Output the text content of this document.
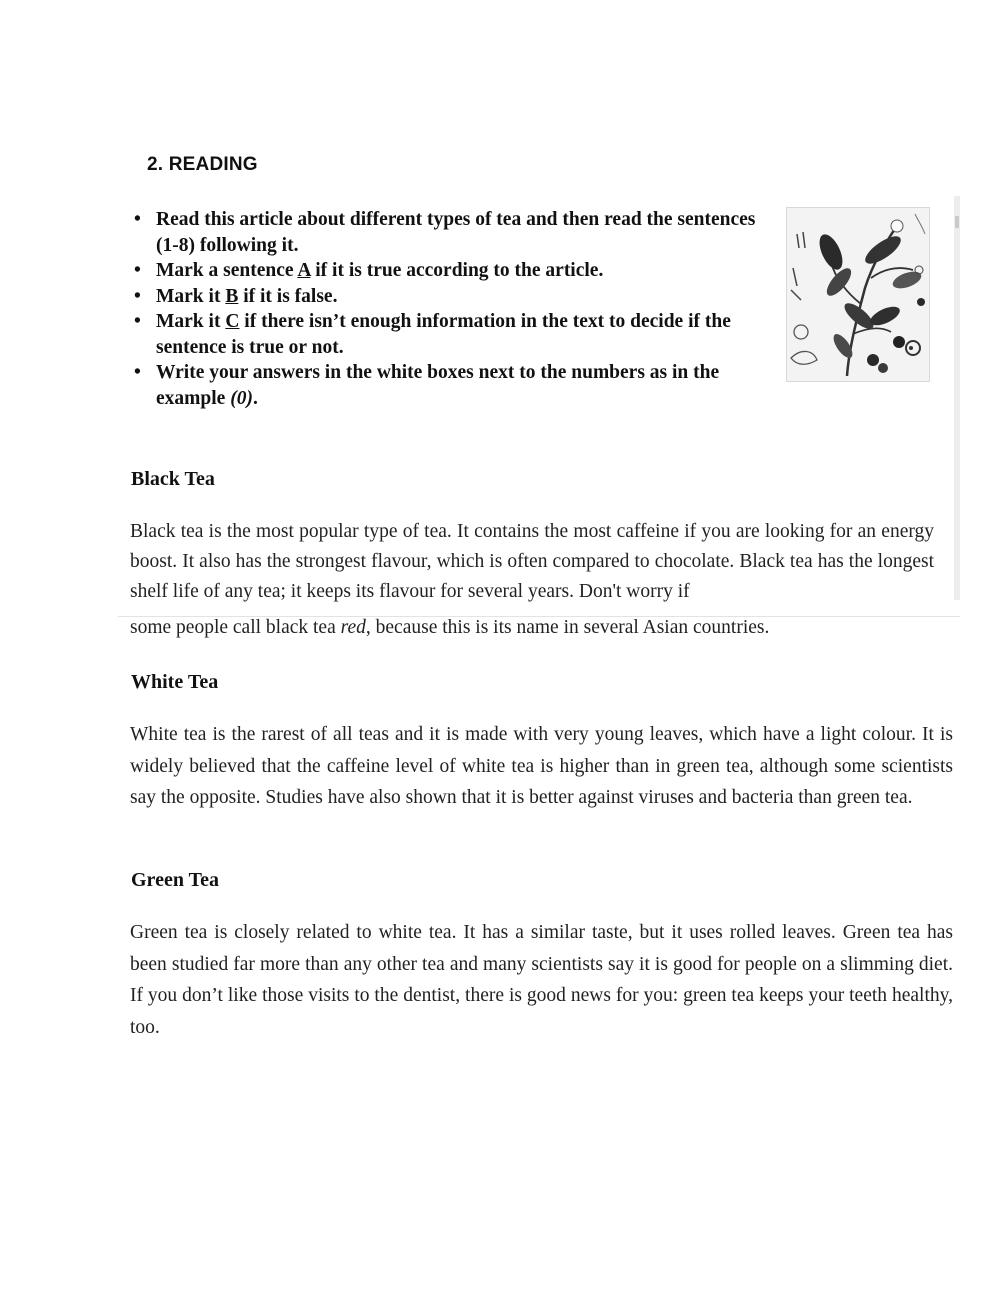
2. READING
• Read this article about different types of tea and then read the sentences (1-8) following it.
• Mark a sentence A if it is true according to the article.
• Mark it B if it is false.
• Mark it C if there isn’t enough information in the text to decide if the sentence is true or not.
• Write your answers in the white boxes next to the numbers as in the example (0).
Black Tea

Black tea is the most popular type of tea. It contains the most caffeine if you are looking for an energy boost. It also has the strongest flavour, which is often compared to chocolate. Black tea has the longest shelf life of any tea; it keeps its flavour for several years. Don't worry if

some people call black tea red, because this is its name in several Asian countries.
White Tea

White tea is the rarest of all teas and it is made with very young leaves, which have a light colour. It is widely believed that the caffeine level of white tea is higher than in green tea, although some scientists say the opposite. Studies have also shown that it is better against viruses and bacteria than green tea.

Green Tea

Green tea is closely related to white tea. It has a similar taste, but it uses rolled leaves. Green tea has been studied far more than any other tea and many scientists say it is good for people on a slimming diet. If you don’t like those visits to the dentist, there is good news for you: green tea keeps your teeth healthy, too.
